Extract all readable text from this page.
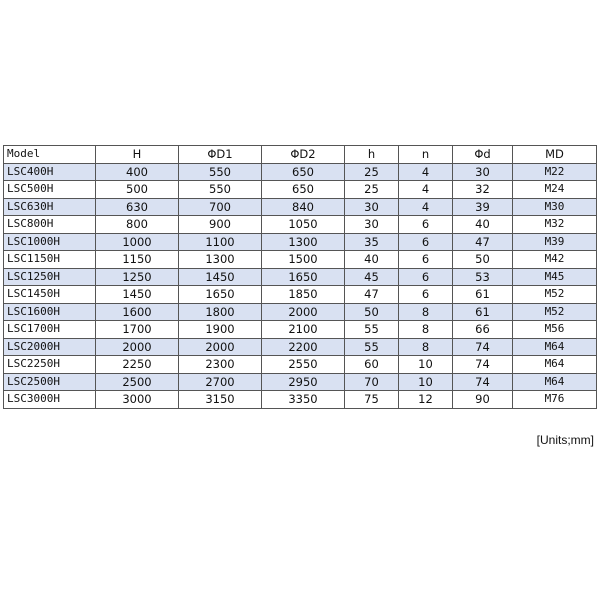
Model	H	ΦD1	ΦD2	h	n	Φd	MD
LSC400H	400	550	650	25	4	30	M22
LSC500H	500	550	650	25	4	32	M24
LSC630H	630	700	840	30	4	39	M30
LSC800H	800	900	1050	30	6	40	M32
LSC1000H	1000	1100	1300	35	6	47	M39
LSC1150H	1150	1300	1500	40	6	50	M42
LSC1250H	1250	1450	1650	45	6	53	M45
LSC1450H	1450	1650	1850	47	6	61	M52
LSC1600H	1600	1800	2000	50	8	61	M52
LSC1700H	1700	1900	2100	55	8	66	M56
LSC2000H	2000	2000	2200	55	8	74	M64
LSC2250H	2250	2300	2550	60	10	74	M64
LSC2500H	2500	2700	2950	70	10	74	M64
LSC3000H	3000	3150	3350	75	12	90	M76
[Units;mm]
